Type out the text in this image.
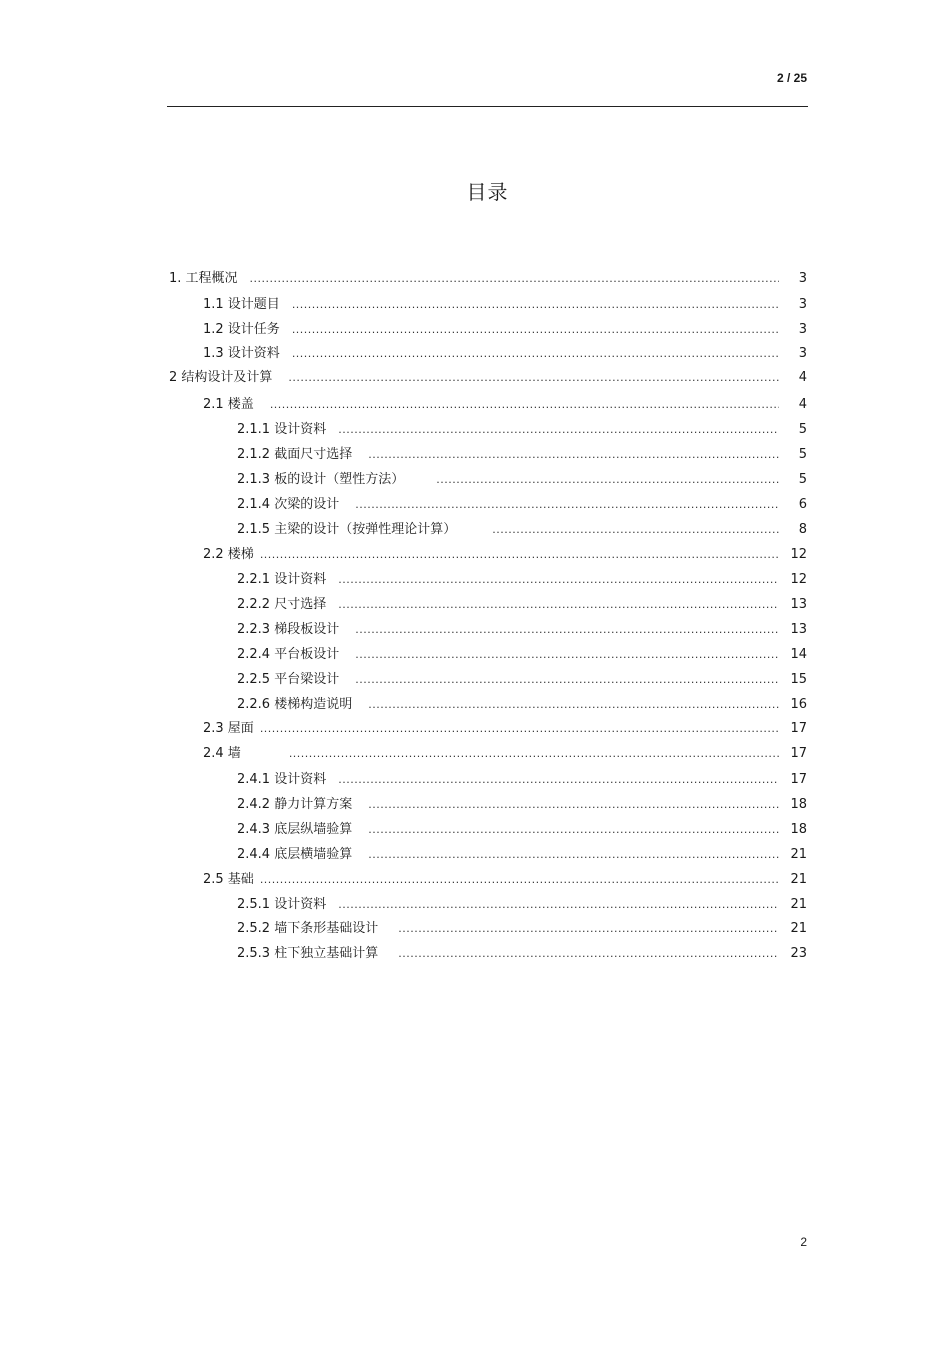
2 / 25
目录
1. 工程概况 .....	3
1.1 设计题目 .....	3
1.2 设计任务 .....	3
1.3 设计资料 .....	3
2 结构设计及计算 .....	4
2.1 楼盖 .....	4
2.1.1 设计资料 .....	5
2.1.2 截面尺寸选择 .....	5
2.1.3 板的设计（塑性方法） .....	5
2.1.4 次梁的设计 .....	6
2.1.5 主梁的设计（按弹性理论计算） .....	8
2.2 楼梯 .....	12
2.2.1 设计资料 .....	12
2.2.2 尺寸选择 .....	13
2.2.3 梯段板设计 .....	13
2.2.4 平台板设计 .....	14
2.2.5 平台梁设计 .....	15
2.2.6 楼梯构造说明 .....	16
2.3 屋面 .....	17
2.4 墙 .....	17
2.4.1 设计资料 .....	17
2.4.2 静力计算方案 .....	18
2.4.3 底层纵墙验算 .....	18
2.4.4 底层横墙验算 .....	21
2.5 基础 .....	21
2.5.1 设计资料 .....	21
2.5.2 墙下条形基础设计 .....	21
2.5.3 柱下独立基础计算 .....	23
2
